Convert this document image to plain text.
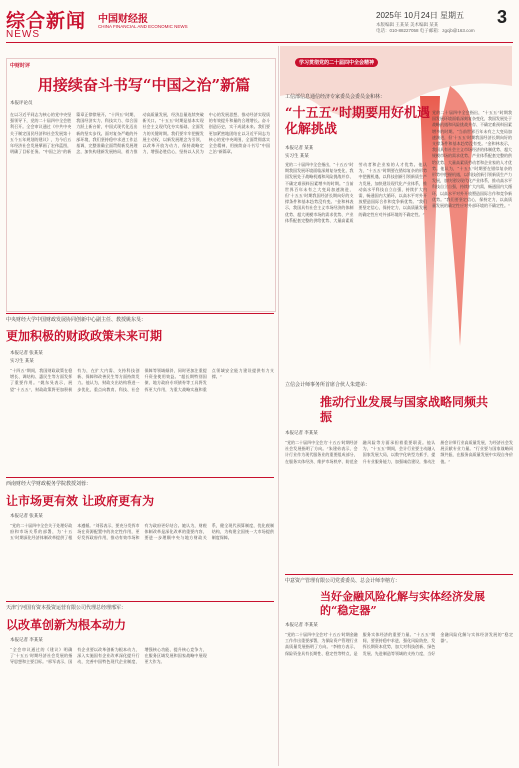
综合新闻
NEWS
中国财经报
CHINA FINANCIAL AND ECONOMIC NEWS
2025年 10月24日 星期五
本版编辑 王某某 美术编辑 某某
电话：010-88227058 电子邮箱：zgcjb@163.com
3
中财时评
用接续奋斗书写“中国之治”新篇
本报评论员
在以习近平同志为核心的党中央坚强领导下，党的二十届四中全会胜利召开。全会审议通过《中共中央关于制定国民经济和社会发展第十五个五年规划的建议》，为今后五年经济社会发展擘画了宏伟蓝图，明确了目标任务。“中国之治”的新篇章正徐徐展开。“十四五”时期，我国经济实力、科技实力、综合国力跃上新台阶，中国式现代化迈出新的坚实步伐。面对复杂严峻的外部环境，我们坚持稳中求进工作总基调，完整准确全面贯彻新发展理念，加快构建新发展格局，着力推动高质量发展，经济总量连续突破新关口。“十五五”时期是基本实现社会主义现代化夯实基础、全面发力的关键时期。我们要牢牢把握发展主动权，以新发展理念为引领，以改革开放为动力，保持战略定力，增强必胜信心，坚持以人民为中心的发展思想，推动经济实现质的有效提升和量的合理增长。奋斗创造历史，实干成就未来。我们要更加紧密地团结在以习近平同志为核心的党中央周围，全面贯彻落实全会精神，用接续奋斗书写“中国之治”新篇章。
学习贯彻党的二十届四中全会精神
工信部信息通信经济专家委员会委员金和林：
“十五五”时期要用好机遇化解挑战
本报记者 某某
实习生 某某
党的二十届四中全会指出，“十五五”时期我国发展环境面临深刻复杂变化，我国发展处于战略机遇和风险挑战并存、不确定难预料因素增多的时期。“当前世界百年未有之大变局加速演进，但‘十五五’时期我国经济长期向好的支撑条件和基本趋势没有变。”金和林表示，我国具有社会主义市场经济的体制优势、超大规模市场的需求优势、产业体系配套完整的供给优势、大量高素质劳动者和企业家的人才优势。他认为，“十五五”时期要在错综复杂的形势中把握机遇，以科技创新引领新质生产力发展，加快建设现代化产业体系，推动高水平科技自立自强，持续扩大内需，畅通国内大循环，以高水平对外开放塑造国际合作和竞争新优势。“我们要坚定信心，保持定力，以高质量发展的确定性应对外部环境的不确定性。”
党的二十届四中全会指出，“十五五”时期我国发展环境面临深刻复杂变化，我国发展处于战略机遇和风险挑战并存、不确定难预料因素增多的时期。“当前世界百年未有之大变局加速演进，但‘十五五’时期我国经济长期向好的支撑条件和基本趋势没有变。”金和林表示，我国具有社会主义市场经济的体制优势、超大规模市场的需求优势、产业体系配套完整的供给优势、大量高素质劳动者和企业家的人才优势。他认为，“十五五”时期要在错综复杂的形势中把握机遇，以科技创新引领新质生产力发展，加快建设现代化产业体系，推动高水平科技自立自强，持续扩大内需，畅通国内大循环，以高水平对外开放塑造国际合作和竞争新优势。“我们要坚定信心，保持定力，以高质量发展的确定性应对外部环境的不确定性。”
中央财经大学中国财政发展协同创新中心副主任、教授姚东旻：
更加积极的财政政策未来可期
本报记者 张某某
实习生 某某
“十四五”期间，我国财政政策在稳增长、调结构、惠民生等方面发挥了重要作用。”姚东旻表示，展望“十五五”，财政政策将更加积极有为，在扩大内需、支持科技创新、保障和改善民生等方面持续发力。他认为，财政支出结构将进一步优化，重点向教育、科技、社会保障等领域倾斜，同时更加注重提升资金使用效益。“超长期特别国债、地方政府专项债券等工具将发挥更大作用，为重大战略实施和重点领域安全能力建设提供有力支撑。”
立信会计师事务所首席合伙人朱建弟：
推动行业发展与国家战略同频共振
本报记者 李某某
“党的二十届四中全会为‘十五五’时期经济社会发展指明了方向。”朱建弟表示，会计行业作为现代服务业的重要组成部分，在服务实体经济、维护市场秩序、防范金融风险等方面承担着重要职责。他认为，“十五五”期间，会计行业要主动融入国家发展大局，以数字化转型为抓手，提升专业服务能力，加强诚信建设，推动注册会计师行业高质量发展，为经济社会发展贡献专业力量。“行业要与国家战略同频共振，在服务高质量发展中实现自身价值。”
西南财经大学财政税务学院教授刘蓉：
让市场更有效 让政府更有为
本报记者 张某某
“党的二十届四中全会关于处理好政府和市场关系的部署，为‘十五五’时期深化经济体制改革提供了根本遵循。”刘蓉表示，要充分发挥市场在资源配置中的决定性作用，更好发挥政府作用，推动有效市场和有为政府更好结合。她认为，财税体制改革是深化改革的重要内容，要进一步理顺中央与地方财政关系，健全现代预算制度，优化税制结构，为构建全国统一大市场提供制度保障。
中意资产管理有限公司党委委员、总会计师李榕方：
当好金融风险化解与实体经济发展的“稳定器”
本报记者 李某某
“党的二十届四中全会对‘十五五’时期金融工作作出重要部署，为保险资产管理行业高质量发展指明了方向。”李榕方表示，保险资金具有长期性、稳定性等特点，是服务实体经济的重要力量。“十五五”期间，要坚持稳中求进，强化风险防控，发挥长期资本优势，加大对科技创新、绿色发展、先进制造等领域的支持力度，当好金融风险化解与实体经济发展的“稳定器”。
天津宁河国有资本投资运营有限公司代理总经理邢军：
以改革创新为根本动力
本报记者 李某某
“全会审议通过的《建议》明确了‘十五五’时期经济社会发展的指导思想和主要目标。”邢军表示，国有企业要以改革创新为根本动力，深入实施国有企业改革深化提升行动，完善中国特色现代企业制度，增强核心功能、提升核心竞争力，在服务区域发展和国家战略中展现更大作为。
